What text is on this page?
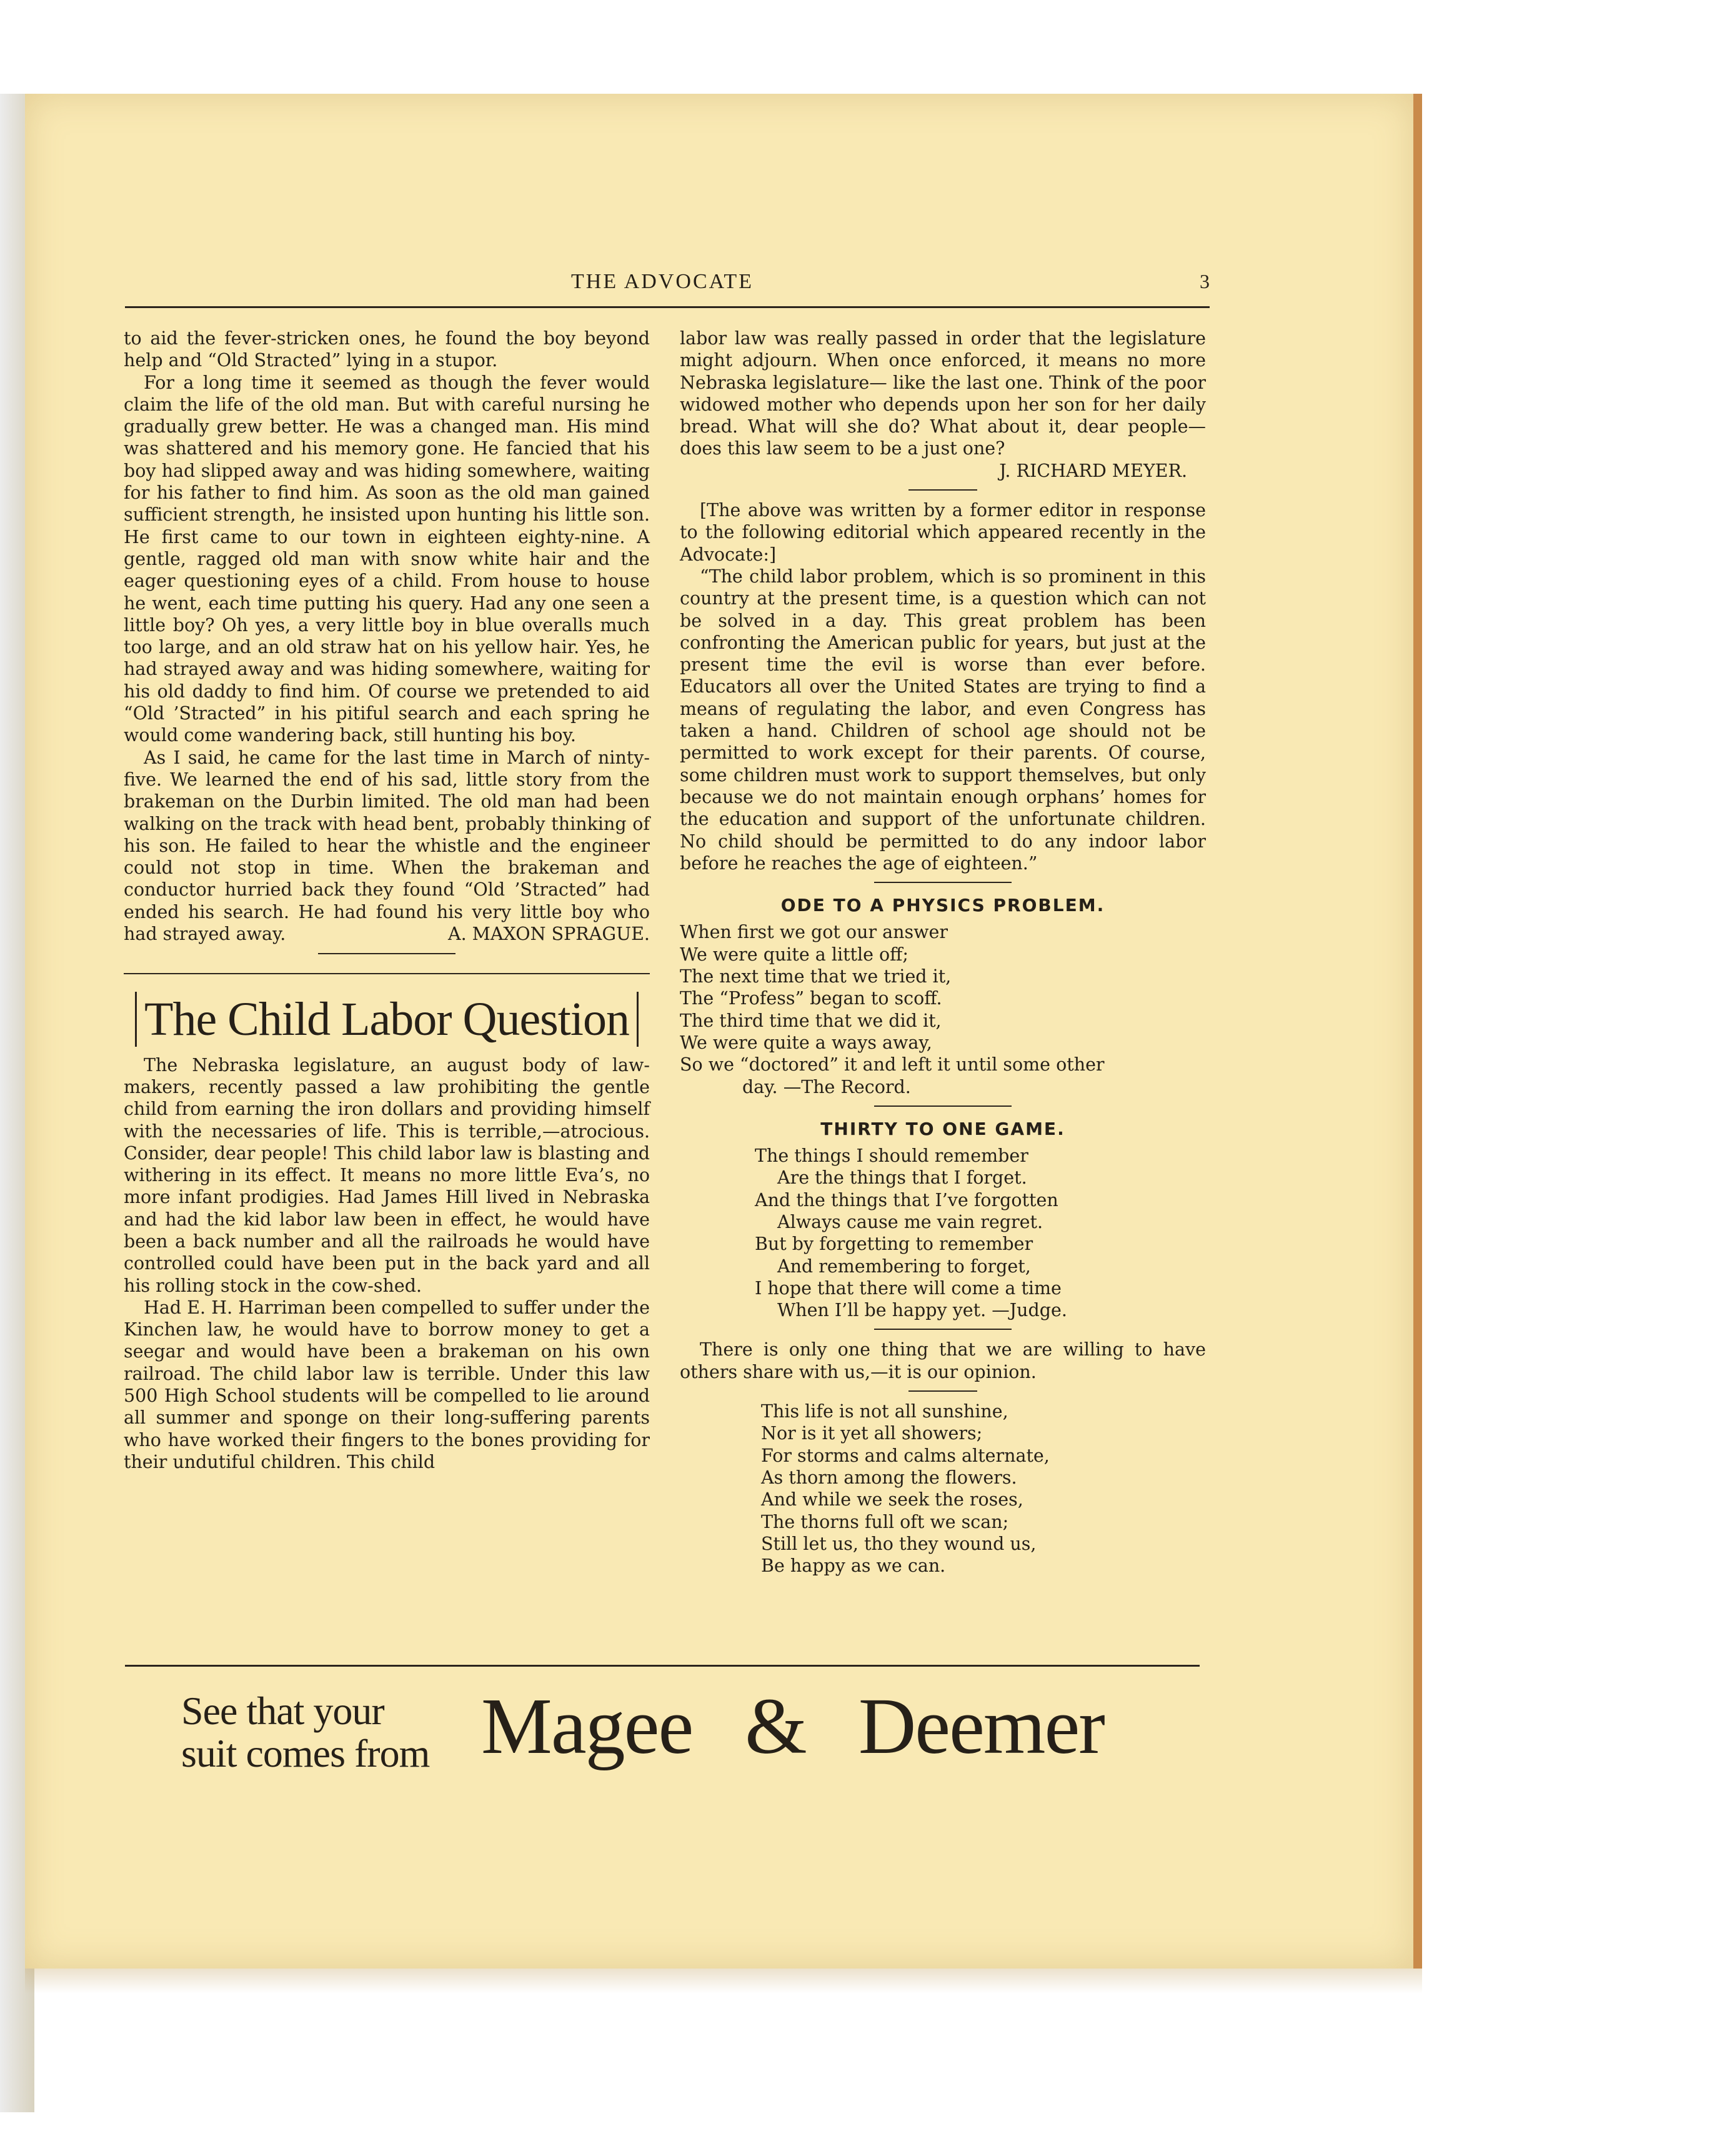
THE ADVOCATE	3

to aid the fever-stricken ones, he found the boy beyond help and “Old Stracted” lying in a stupor.

For a long time it seemed as though the fever would claim the life of the old man. But with careful nursing he gradually grew better. He was a changed man. His mind was shattered and his memory gone. He fancied that his boy had slipped away and was hiding somewhere, waiting for his father to find him. As soon as the old man gained sufficient strength, he insisted upon hunting his little son. He first came to our town in eighteen eighty-nine. A gentle, ragged old man with snow white hair and the eager questioning eyes of a child. From house to house he went, each time putting his query. Had any one seen a little boy? Oh yes, a very little boy in blue overalls much too large, and an old straw hat on his yellow hair. Yes, he had strayed away and was hiding somewhere, waiting for his old daddy to find him. Of course we pretended to aid “Old ’Stracted” in his pitiful search and each spring he would come wandering back, still hunting his boy.

As I said, he came for the last time in March of ninty-five. We learned the end of his sad, little story from the brakeman on the Durbin limited. The old man had been walking on the track with head bent, probably thinking of his son. He failed to hear the whistle and the engineer could not stop in time. When the brakeman and conductor hurried back they found “Old ’Stracted” had ended his search. He had found his very little boy who had strayed away.	A. MAXON SPRAGUE.
The Child Labor Question

The Nebraska legislature, an august body of law-makers, recently passed a law prohibiting the gentle child from earning the iron dollars and providing himself with the necessaries of life. This is terrible,—atrocious. Consider, dear people! This child labor law is blasting and withering in its effect. It means no more little Eva’s, no more infant prodigies. Had James Hill lived in Nebraska and had the kid labor law been in effect, he would have been a back number and all the railroads he would have controlled could have been put in the back yard and all his rolling stock in the cow-shed.

Had E. H. Harriman been compelled to suffer under the Kinchen law, he would have to borrow money to get a seegar and would have been a brakeman on his own railroad. The child labor law is terrible. Under this law 500 High School students will be compelled to lie around all summer and sponge on their long-suffering parents who have worked their fingers to the bones providing for their undutiful children. This child

labor law was really passed in order that the legislature might adjourn. When once enforced, it means no more Nebraska legislature— like the last one. Think of the poor widowed mother who depends upon her son for her daily bread. What will she do? What about it, dear people—does this law seem to be a just one?

J. RICHARD MEYER.

[The above was written by a former editor in response to the following editorial which appeared recently in the Advocate:]

“The child labor problem, which is so prominent in this country at the present time, is a question which can not be solved in a day. This great problem has been confronting the American public for years, but just at the present time the evil is worse than ever before. Educators all over the United States are trying to find a means of regulating the labor, and even Congress has taken a hand. Children of school age should not be permitted to work except for their parents. Of course, some children must work to support themselves, but only because we do not maintain enough orphans’ homes for the education and support of the unfortunate children. No child should be permitted to do any indoor labor before he reaches the age of eighteen.”

ODE TO A PHYSICS PROBLEM.
When first we got our answer
We were quite a little off;
The next time that we tried it,
The “Profess” began to scoff.
The third time that we did it,
We were quite a ways away,
So we “doctored” it and left it until some other
day. —The Record.
THIRTY TO ONE GAME.
The things I should remember
Are the things that I forget.
And the things that I’ve forgotten
Always cause me vain regret.
But by forgetting to remember
And remembering to forget,
I hope that there will come a time
When I’ll be happy yet. —Judge.

There is only one thing that we are willing to have others share with us,—it is our opinion.

This life is not all sunshine,
Nor is it yet all showers;
For storms and calms alternate,
As thorn among the flowers.
And while we seek the roses,
The thorns full oft we scan;
Still let us, tho they wound us,
Be happy as we can.
See that your
suit comes from Magee & Deemer
